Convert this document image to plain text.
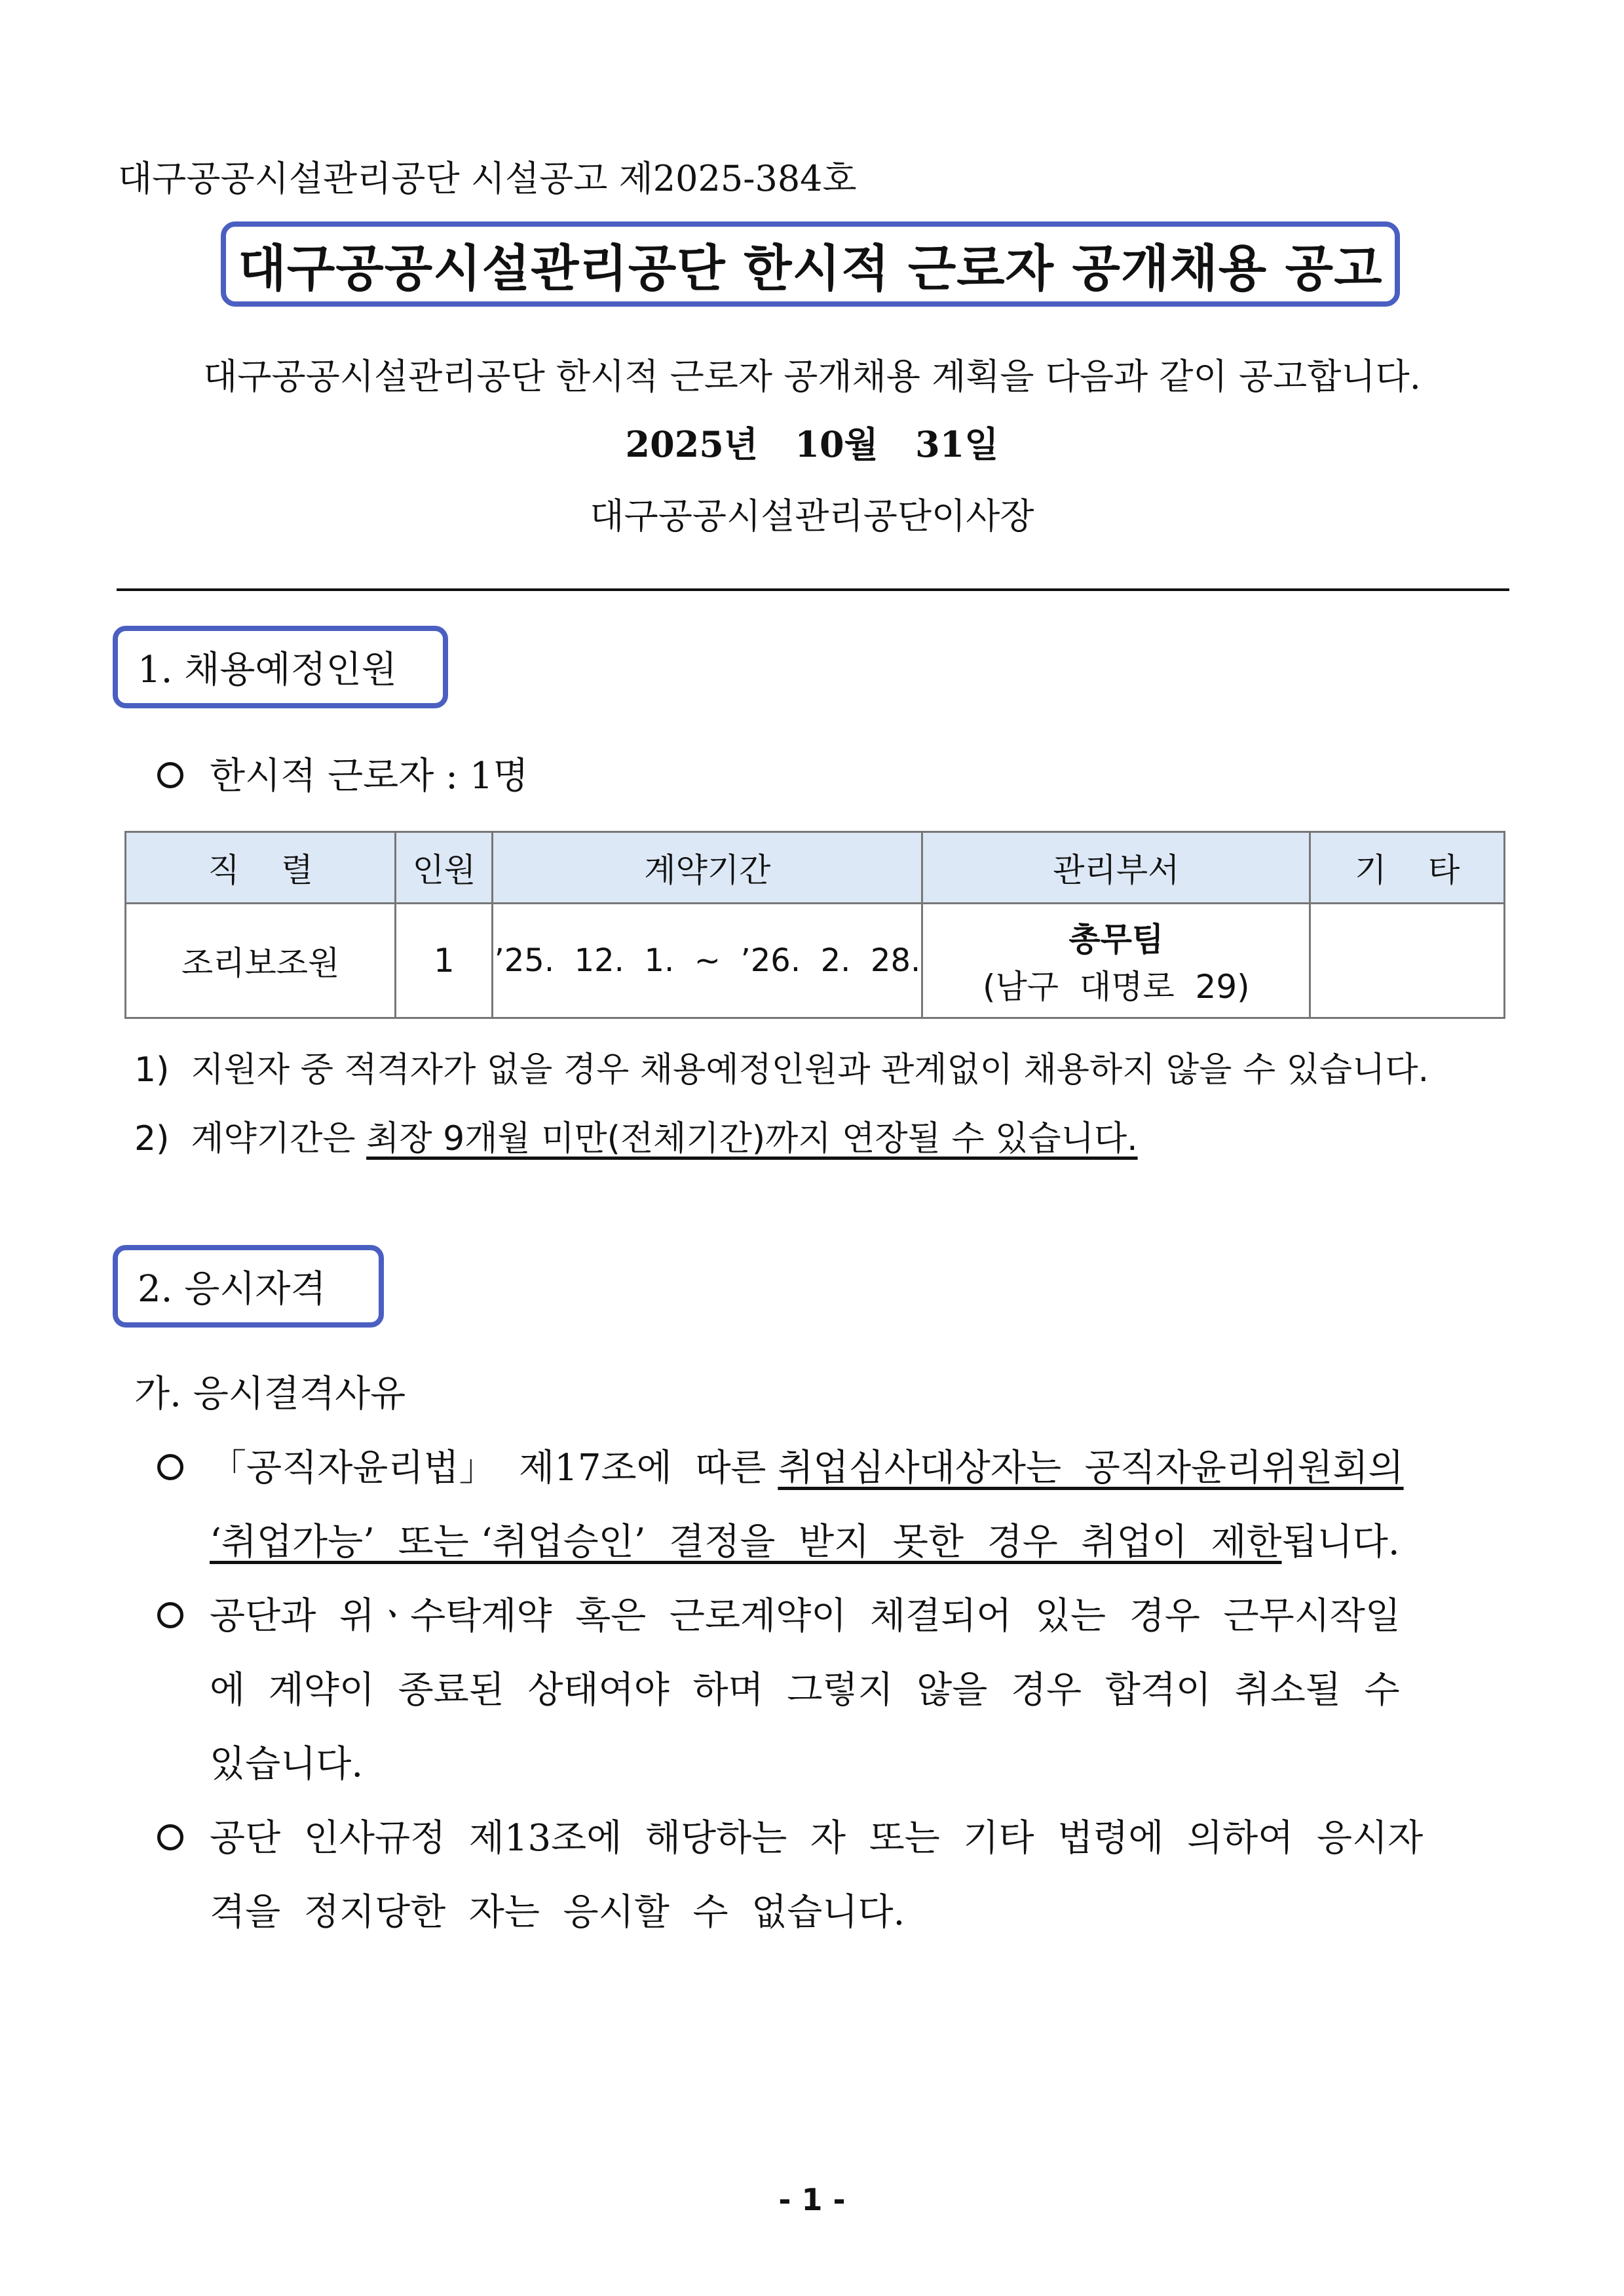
대구공공시설관리공단 시설공고 제2025-384호
대구공공시설관리공단 한시적 근로자 공개채용 공고
대구공공시설관리공단 한시적 근로자 공개채용 계획을 다음과 같이 공고합니다.
2025년   10월   31일
대구공공시설관리공단이사장
1. 채용예정인원
한시적 근로자 : 1명
직    렬	인원	계약기간	관리부서	기    타
조리보조원	1	’25.  12.  1.  ~  ’26.  2.  28.	총무팀
(남구  대명로  29)	

1)  지원자 중 적격자가 없을 경우 채용예정인원과 관계없이 채용하지 않을 수 있습니다.
2)  계약기간은 최장 9개월 미만(전체기간)까지 연장될 수 있습니다.
2. 응시자격
가. 응시결격사유
「공직자윤리법」  제17조에  따른 취업심사대상자는  공직자윤리위원회의
‘취업가능’  또는 ‘취업승인’  결정을  받지  못한  경우  취업이  제한됩니다.
공단과  위ㆍ수탁계약  혹은  근로계약이  체결되어  있는  경우  근무시작일
에  계약이  종료된  상태여야  하며  그렇지  않을  경우  합격이  취소될  수
있습니다.
공단  인사규정  제13조에  해당하는  자  또는  기타  법령에  의하여  응시자
격을  정지당한  자는  응시할  수  없습니다.
- 1 -
